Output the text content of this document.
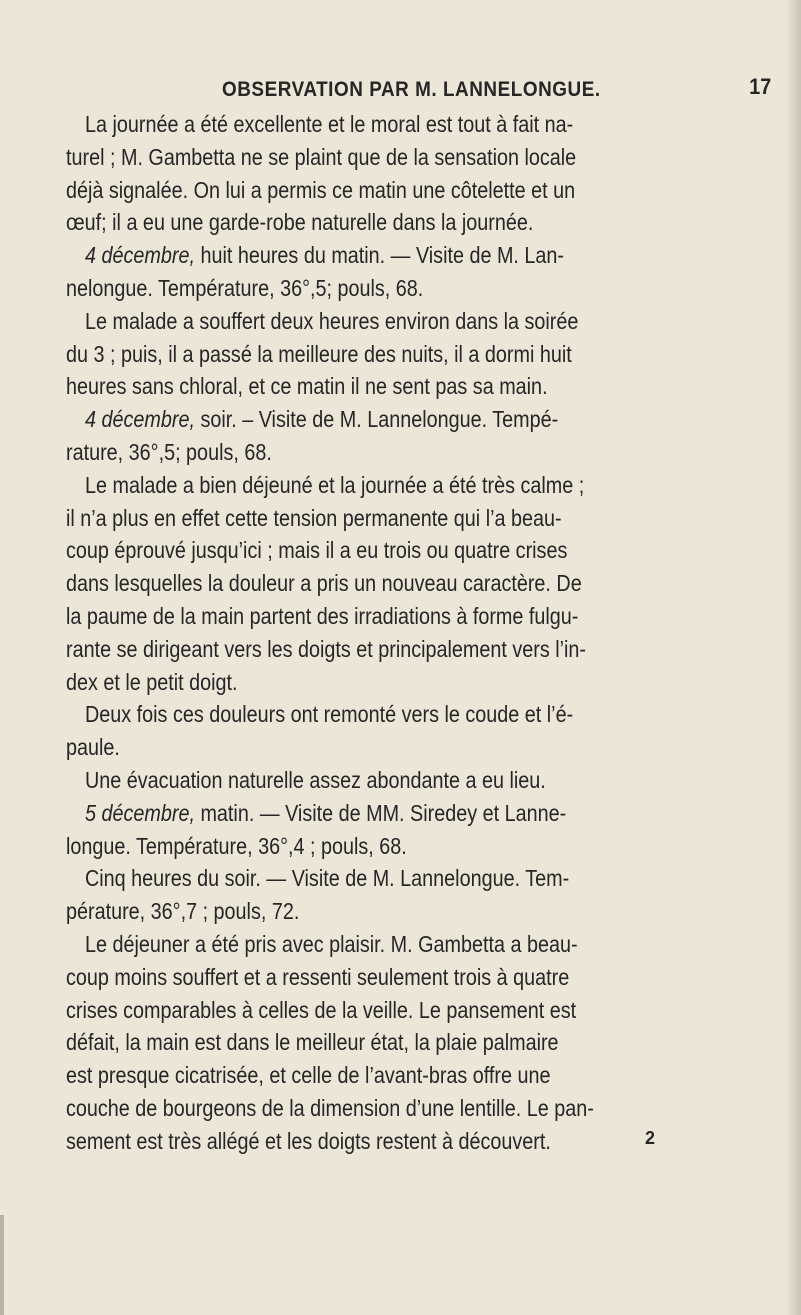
OBSERVATION PAR M. LANNELONGUE.	17
La journée a été excellente et le moral est tout à fait na-
turel ; M. Gambetta ne se plaint que de la sensation locale
déjà signalée. On lui a permis ce matin une côtelette et un
œuf; il a eu une garde-robe naturelle dans la journée.
4 décembre, huit heures du matin. — Visite de M. Lan-
nelongue. Température, 36°,5; pouls, 68.
Le malade a souffert deux heures environ dans la soirée
du 3 ; puis, il a passé la meilleure des nuits, il a dormi huit
heures sans chloral, et ce matin il ne sent pas sa main.
4 décembre, soir. – Visite de M. Lannelongue. Tempé-
rature, 36°,5; pouls, 68.
Le malade a bien déjeuné et la journée a été très calme ;
il n’a plus en effet cette tension permanente qui l’a beau-
coup éprouvé jusqu’ici ; mais il a eu trois ou quatre crises
dans lesquelles la douleur a pris un nouveau caractère. De
la paume de la main partent des irradiations à forme fulgu-
rante se dirigeant vers les doigts et principalement vers l’in-
dex et le petit doigt.
Deux fois ces douleurs ont remonté vers le coude et l’é-
paule.
Une évacuation naturelle assez abondante a eu lieu.
5 décembre, matin. — Visite de MM. Siredey et Lanne-
longue. Température, 36°,4 ; pouls, 68.
Cinq heures du soir. — Visite de M. Lannelongue. Tem-
pérature, 36°,7 ; pouls, 72.
Le déjeuner a été pris avec plaisir. M. Gambetta a beau-
coup moins souffert et a ressenti seulement trois à quatre
crises comparables à celles de la veille. Le pansement est
défait, la main est dans le meilleur état, la plaie palmaire
est presque cicatrisée, et celle de l’avant-bras offre une
couche de bourgeons de la dimension d’une lentille. Le pan-
sement est très allégé et les doigts restent à découvert.	2
